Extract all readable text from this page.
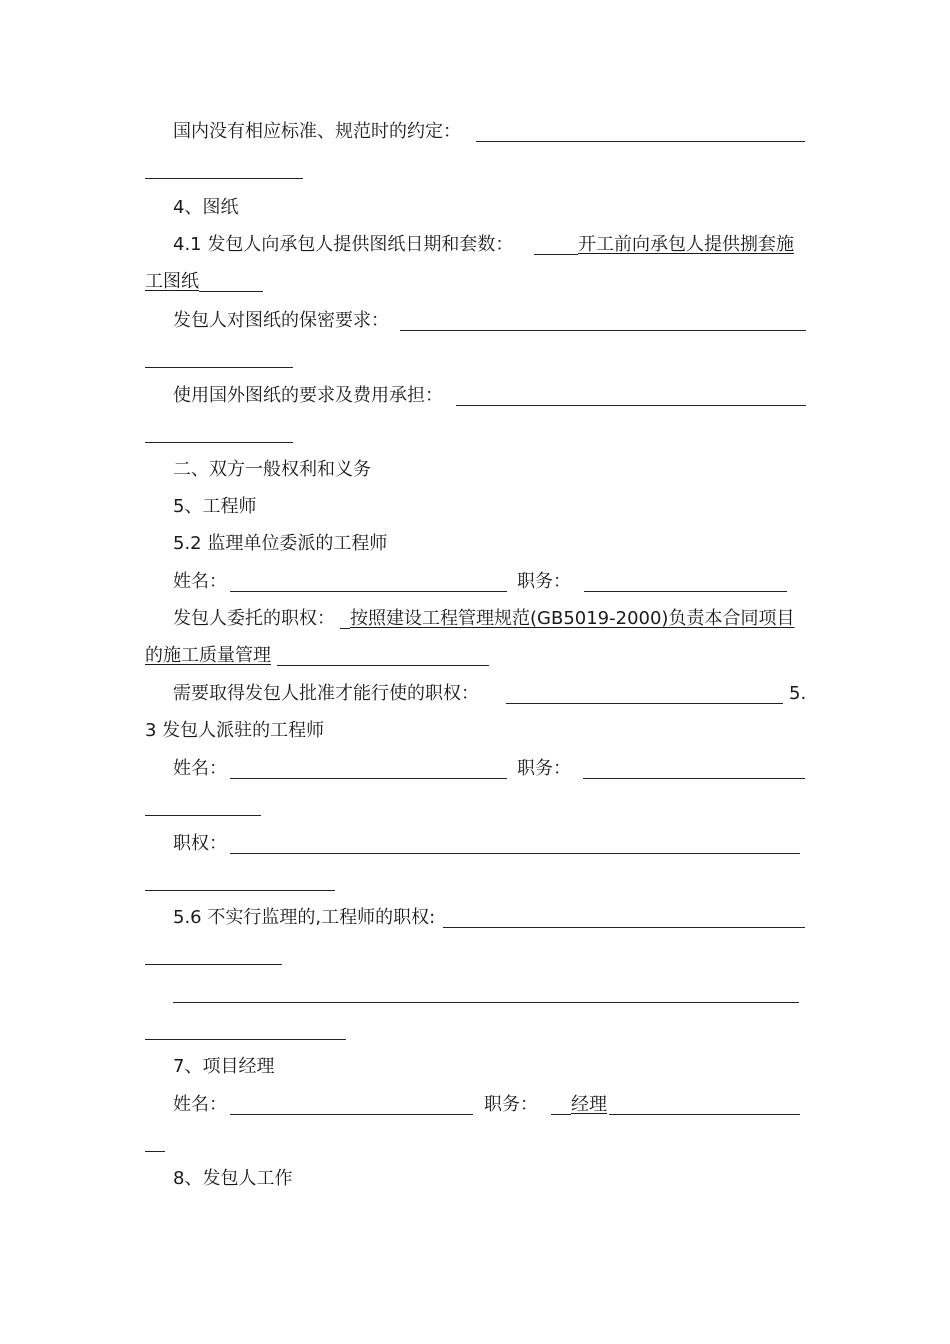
国内没有相应标准、规范时的约定：
4、图纸
4.1 发包人向承包人提供图纸日期和套数：	开工前向承包人提供捌套施
工图纸
发包人对图纸的保密要求：
使用国外图纸的要求及费用承担：
二、双方一般权利和义务
5、工程师
5.2 监理单位委派的工程师
姓名：	职务：
发包人委托的职权： 按照建设工程管理规范(GB5019-2000)负责本合同项目
的施工质量管理
需要取得发包人批准才能行使的职权：	5.
3 发包人派驻的工程师
姓名：	职务：
职权：
5.6 不实行监理的,工程师的职权:
7、项目经理
姓名：	职务： 经理
8、发包人工作
